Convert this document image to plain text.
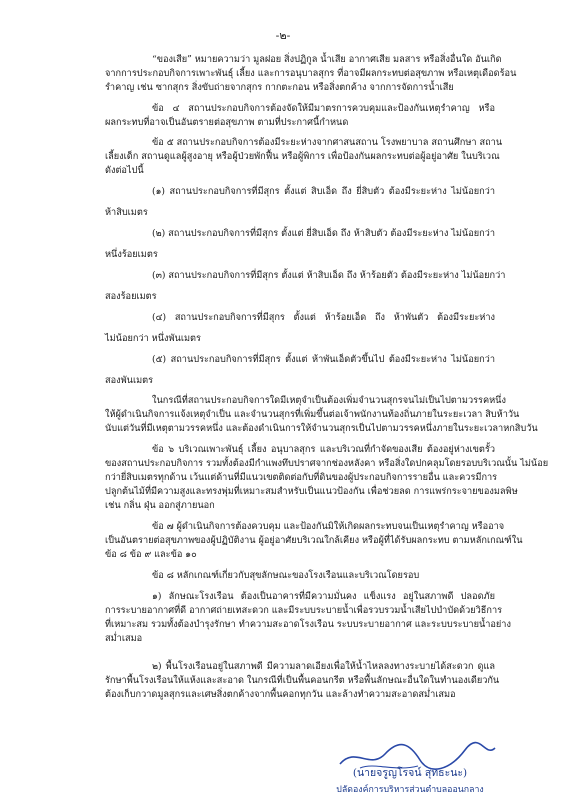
-๒-
“ของเสีย” หมายความว่า มูลฝอย สิ่งปฏิกูล น้ำเสีย อากาศเสีย มลสาร หรือสิ่งอื่นใด อันเกิด
จากการประกอบกิจการเพาะพันธุ์ เลี้ยง และการอนุบาลสุกร ที่อาจมีผลกระทบต่อสุขภาพ หรือเหตุเดือดร้อน
รำคาญ เช่น ซากสุกร สิ่งขับถ่ายจากสุกร กากตะกอน หรือสิ่งตกค้าง จากการจัดการน้ำเสีย
ข้อ ๔ สถานประกอบกิจการต้องจัดให้มีมาตรการควบคุมและป้องกันเหตุรำคาญ หรือ
ผลกระทบที่อาจเป็นอันตรายต่อสุขภาพ ตามที่ประกาศนี้กำหนด
ข้อ ๕ สถานประกอบกิจการต้องมีระยะห่างจากศาสนสถาน โรงพยาบาล สถานศึกษา สถาน
เลี้ยงเด็ก สถานดูแลผู้สูงอายุ หรือผู้ป่วยพักฟื้น หรือผู้พิการ เพื่อป้องกันผลกระทบต่อผู้อยู่อาศัย ในบริเวณ
ดังต่อไปนี้
(๑) สถานประกอบกิจการที่มีสุกร ตั้งแต่ สิบเอ็ด ถึง ยี่สิบตัว ต้องมีระยะห่าง ไม่น้อยกว่า
ห้าสิบเมตร
(๒) สถานประกอบกิจการที่มีสุกร ตั้งแต่ ยี่สิบเอ็ด ถึง ห้าสิบตัว ต้องมีระยะห่าง ไม่น้อยกว่า
หนึ่งร้อยเมตร
(๓) สถานประกอบกิจการที่มีสุกร ตั้งแต่ ห้าสิบเอ็ด ถึง ห้าร้อยตัว ต้องมีระยะห่าง ไม่น้อยกว่า
สองร้อยเมตร
(๔) สถานประกอบกิจการที่มีสุกร ตั้งแต่ ห้าร้อยเอ็ด ถึง ห้าพันตัว ต้องมีระยะห่าง
ไม่น้อยกว่า หนึ่งพันเมตร
(๕) สถานประกอบกิจการที่มีสุกร ตั้งแต่ ห้าพันเอ็ดตัวขึ้นไป ต้องมีระยะห่าง ไม่น้อยกว่า
สองพันเมตร
ในกรณีที่สถานประกอบกิจการใดมีเหตุจำเป็นต้องเพิ่มจำนวนสุกรจนไม่เป็นไปตามวรรคหนึ่ง
ให้ผู้ดำเนินกิจการแจ้งเหตุจำเป็น และจำนวนสุกรที่เพิ่มขึ้นต่อเจ้าพนักงานท้องถิ่นภายในระยะเวลา สิบห้าวัน
นับแต่วันที่มีเหตุตามวรรคหนึ่ง และต้องดำเนินการให้จำนวนสุกรเป็นไปตามวรรคหนึ่งภายในระยะเวลาหกสิบวัน
ข้อ ๖ บริเวณเพาะพันธุ์ เลี้ยง อนุบาลสุกร และบริเวณที่กำจัดของเสีย ต้องอยู่ห่างเขตรั้ว
ของสถานประกอบกิจการ รวมทั้งต้องมีกำแพงทึบปราศจากช่องหลังคา หรือสิ่งใดปกคลุมโดยรอบบริเวณนั้น ไม่น้อย
กว่ายี่สิบเมตรทุกด้าน เว้นแต่ด้านที่มีแนวเขตติดต่อกับที่ดินของผู้ประกอบกิจการรายอื่น และควรมีการ
ปลูกต้นไม้ที่มีความสูงและทรงพุ่มที่เหมาะสมสำหรับเป็นแนวป้องกัน เพื่อช่วยลด การแพร่กระจายของมลพิษ
เช่น กลิ่น ฝุ่น ออกสู่ภายนอก
ข้อ ๗ ผู้ดำเนินกิจการต้องควบคุม และป้องกันมิให้เกิดผลกระทบจนเป็นเหตุรำคาญ หรืออาจ
เป็นอันตรายต่อสุขภาพของผู้ปฏิบัติงาน ผู้อยู่อาศัยบริเวณใกล้เคียง หรือผู้ที่ได้รับผลกระทบ ตามหลักเกณฑ์ใน
ข้อ ๘ ข้อ ๙ และข้อ ๑๐
ข้อ ๘ หลักเกณฑ์เกี่ยวกับสุขลักษณะของโรงเรือนและบริเวณโดยรอบ
๑) ลักษณะโรงเรือน ต้องเป็นอาคารที่มีความมั่นคง แข็งแรง อยู่ในสภาพดี ปลอดภัย
การระบายอากาศที่ดี อากาศถ่ายเทสะดวก และมีระบบระบายน้ำเพื่อรวบรวมน้ำเสียไปบำบัดด้วยวิธีการ
ที่เหมาะสม รวมทั้งต้องบำรุงรักษา ทำความสะอาดโรงเรือน ระบบระบายอากาศ และระบบระบายน้ำอย่าง
สม่ำเสมอ
๒) พื้นโรงเรือนอยู่ในสภาพดี มีความลาดเอียงเพื่อให้น้ำไหลลงทางระบายได้สะดวก ดูแล
รักษาพื้นโรงเรือนให้แห้งและสะอาด ในกรณีที่เป็นพื้นคอนกรีต หรือพื้นลักษณะอื่นใดในทำนองเดียวกัน
ต้องเก็บกวาดมูลสุกรและเศษสิ่งตกค้างจากพื้นคอกทุกวัน และล้างทำความสะอาดสม่ำเสมอ
(นายจรูญโรจน์ สุทธะนะ)
ปลัดองค์การบริหารส่วนตำบลออนกลาง
